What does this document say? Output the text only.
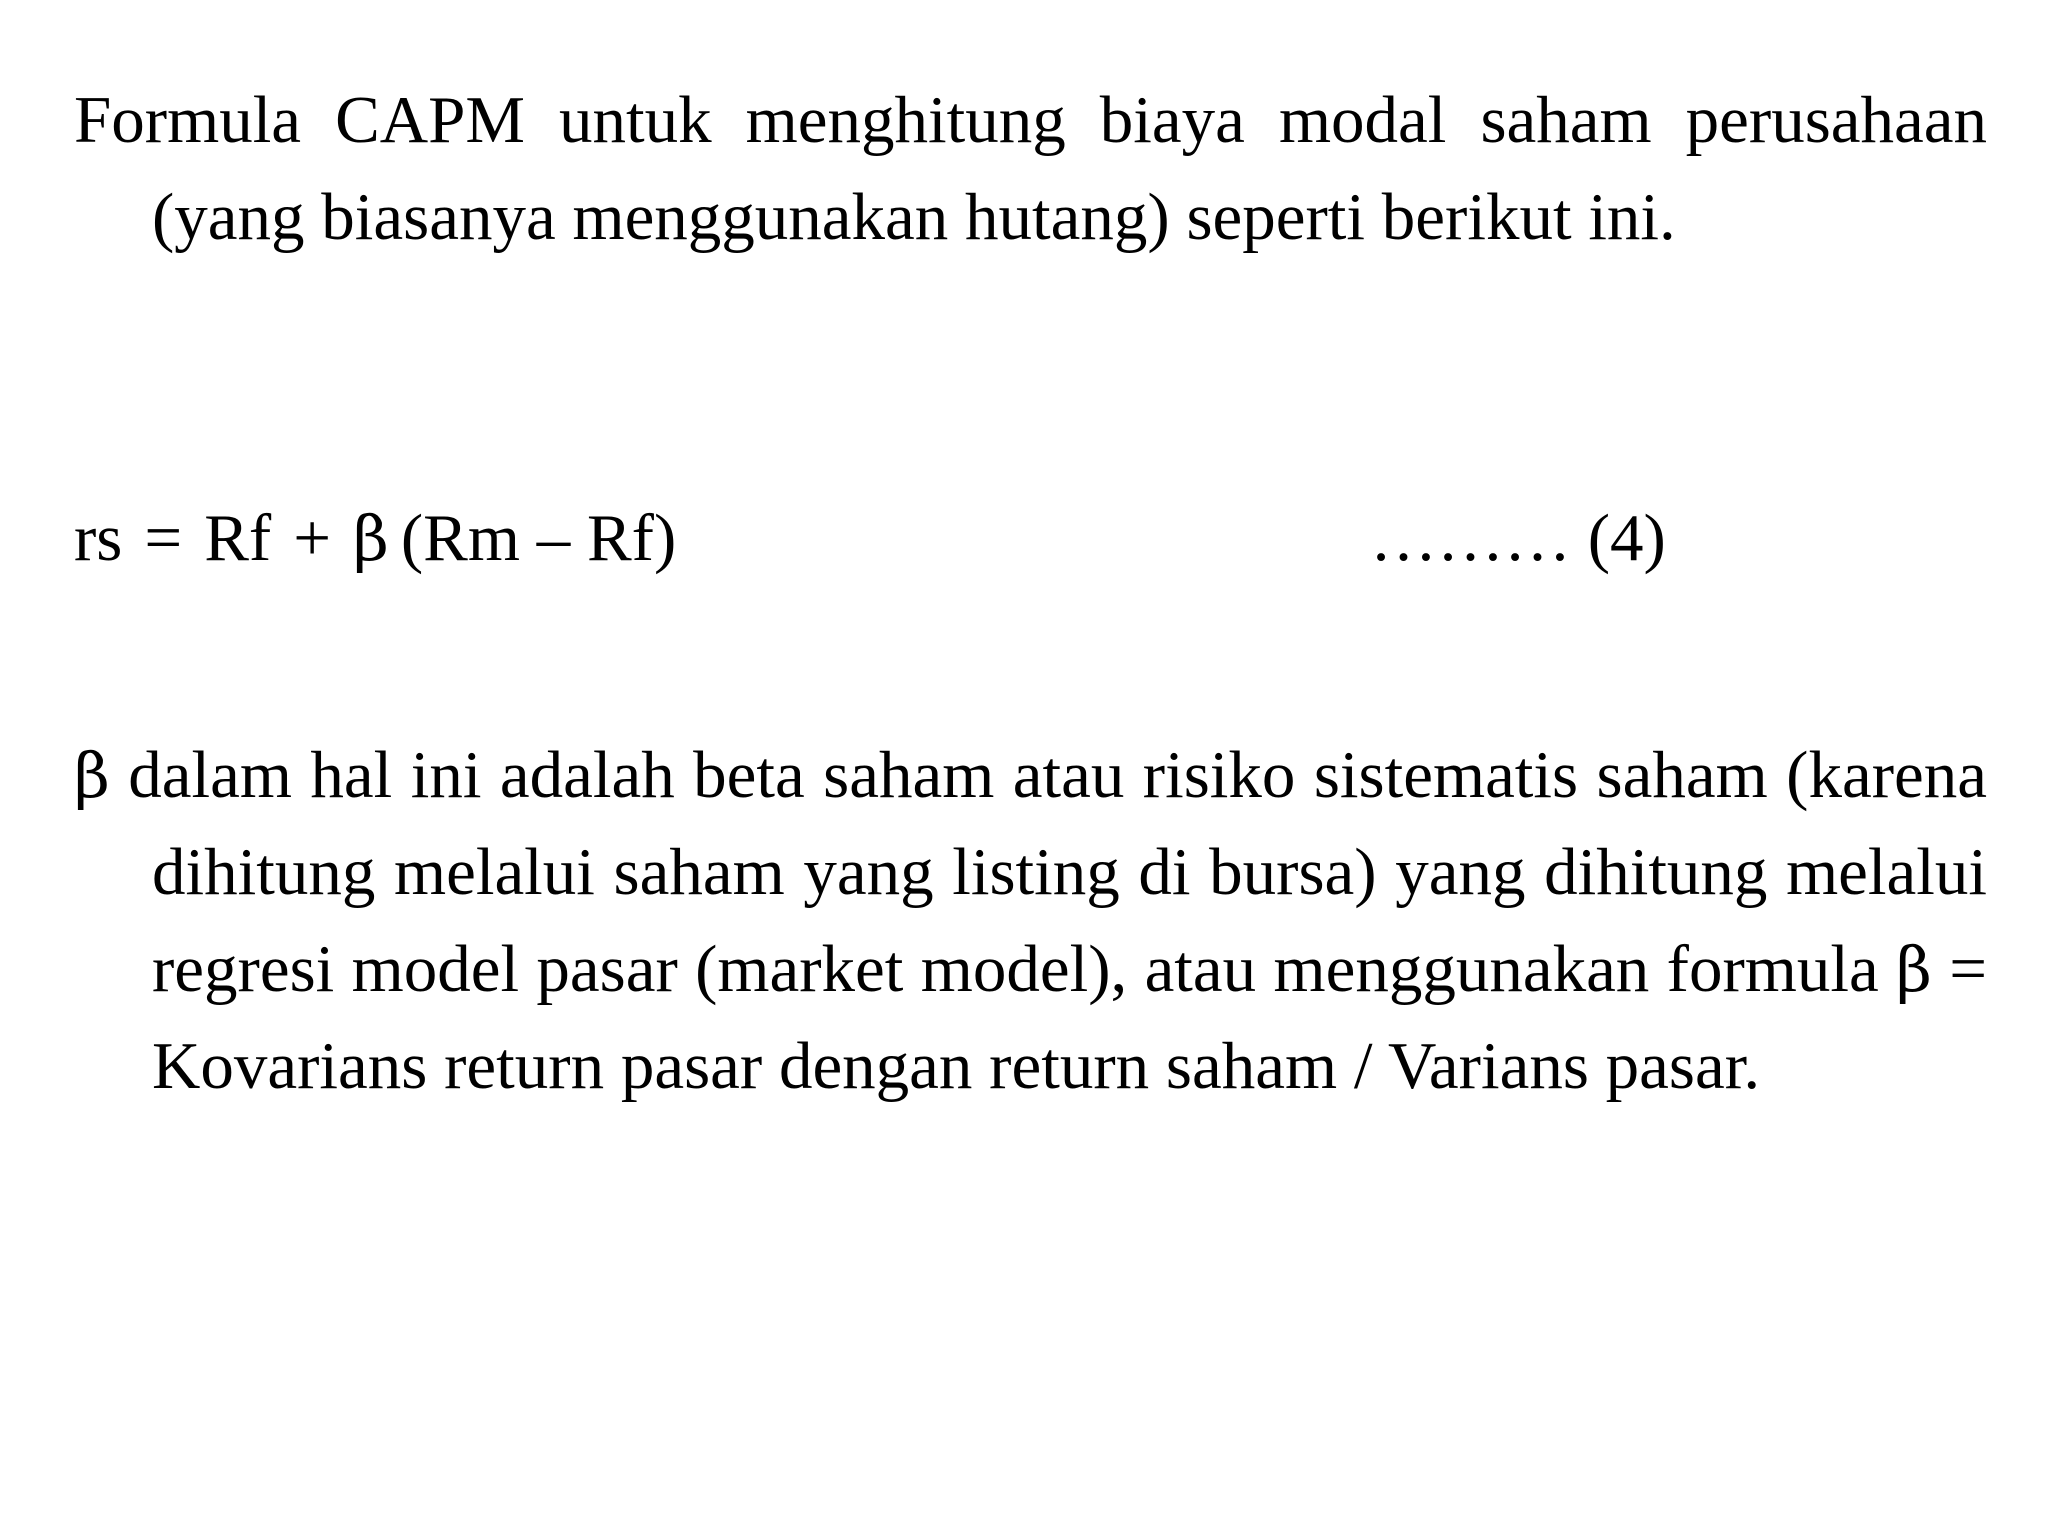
Formula CAPM untuk menghitung biaya modal saham perusahaan (yang biasanya menggunakan hutang) seperti berikut ini.

rs = Rf + β (Rm – Rf)	……… (4)

β dalam hal ini adalah beta saham atau risiko sistematis saham (karena dihitung melalui saham yang listing di bursa) yang dihitung melalui regresi model pasar (market model), atau menggunakan formula β = Kovarians return pasar dengan return saham / Varians pasar.
